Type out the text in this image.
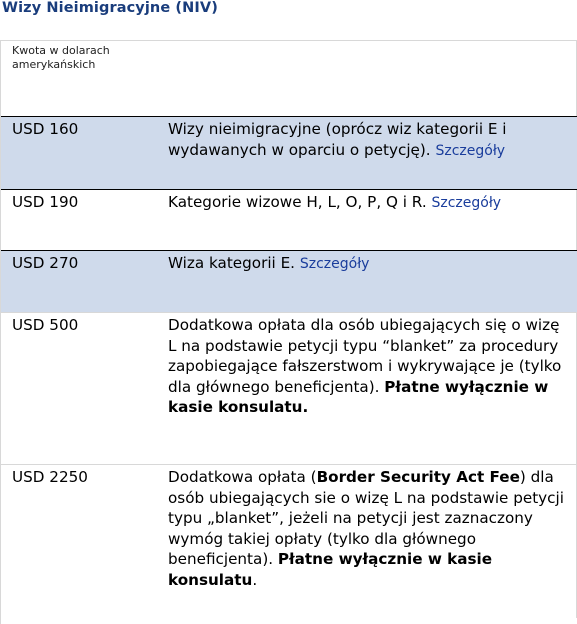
Wizy Nieimigracyjne (NIV)
Kwota w dolarach amerykańskich
USD 160	Wizy nieimigracyjne (oprócz wiz kategorii E i wydawanych w oparciu o petycję). Szczegóły
USD 190	Kategorie wizowe H, L, O, P, Q i R. Szczegóły
USD 270	Wiza kategorii E. Szczegóły
USD 500	Dodatkowa opłata dla osób ubiegających się o wizę L na podstawie petycji typu “blanket” za procedury zapobiegające fałszerstwom i wykrywające je (tylko dla głównego beneficjenta). Płatne wyłącznie w kasie konsulatu.
USD 2250	Dodatkowa opłata (Border Security Act Fee) dla osób ubiegających sie o wizę L na podstawie petycji typu „blanket”, jeżeli na petycji jest zaznaczony wymóg takiej opłaty (tylko dla głównego beneficjenta). Płatne wyłącznie w kasie konsulatu.
